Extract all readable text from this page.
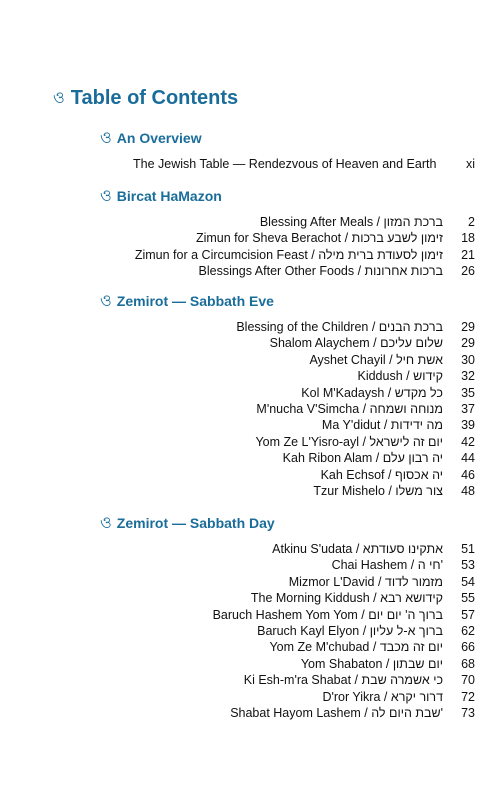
ও Table of Contents
ও An Overview
The Jewish Table — Rendezvous of Heaven and Earth xi
ও Bircat HaMazon
Blessing After Meals / ברכת המזון	2
Zimun for Sheva Berachot / זימון לשבע ברכות	18
Zimun for a Circumcision Feast / זימון לסעודת ברית מילה	21
Blessings After Other Foods / ברכות אחרונות	26
ও Zemirot — Sabbath Eve
Blessing of the Children / ברכת הבנים	29
Shalom Alaychem / שלום עליכם	29
Ayshet Chayil / אשת חיל	30
Kiddush / קידוש	32
Kol M'Kadaysh / כל מקדש	35
M'nucha V'Simcha / מנוחה ושמחה	37
Ma Y'didut / מה ידידות	39
Yom Ze L'Yisro-ayl / יום זה לישראל	42
Kah Ribon Alam / יה רבון עלם	44
Kah Echsof / יה אכסוף	46
Tzur Mishelo / צור משלו	48
ও Zemirot — Sabbath Day
Atkinu S'udata / אתקינו סעודתא	51
Chai Hashem / חי ה'	53
Mizmor L'David / מזמור לדוד	54
The Morning Kiddush / קידושא רבא	55
Baruch Hashem Yom Yom / ברוך ה' יום יום	57
Baruch Kayl Elyon / ברוך א-ל עליון	62
Yom Ze M'chubad / יום זה מכבד	66
Yom Shabaton / יום שבתון	68
Ki Esh-m'ra Shabat / כי אשמרה שבת	70
D'ror Yikra / דרור יקרא	72
Shabat Hayom Lashem / שבת היום לה'	73
